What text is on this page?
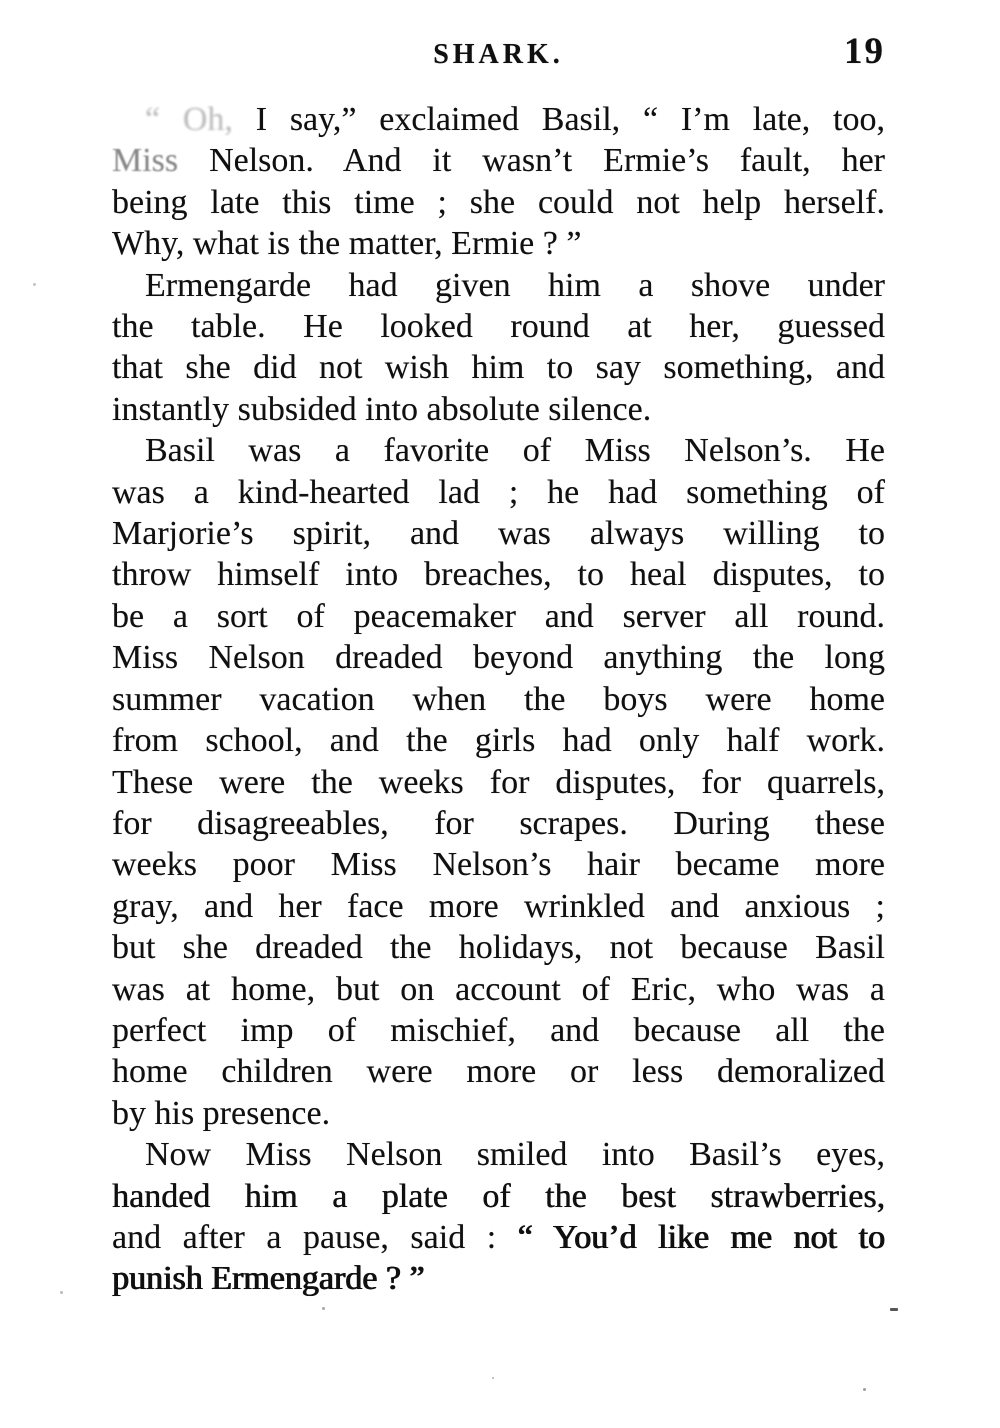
SHARK.	19
“ Oh, I say,” exclaimed Basil, “ I’m late, too,
Miss Nelson. And it wasn’t Ermie’s fault, her
being late this time ; she could not help herself.
Why, what is the matter, Ermie ? ”
Ermengarde had given him a shove under
the table. He looked round at her, guessed
that she did not wish him to say something, and
instantly subsided into absolute silence.
Basil was a favorite of Miss Nelson’s. He
was a kind-hearted lad ; he had something of
Marjorie’s spirit, and was always willing to
throw himself into breaches, to heal disputes, to
be a sort of peacemaker and server all round.
Miss Nelson dreaded beyond anything the long
summer vacation when the boys were home
from school, and the girls had only half work.
These were the weeks for disputes, for quarrels,
for disagreeables, for scrapes. During these
weeks poor Miss Nelson’s hair became more
gray, and her face more wrinkled and anxious ;
but she dreaded the holidays, not because Basil
was at home, but on account of Eric, who was a
perfect imp of mischief, and because all the
home children were more or less demoralized
by his presence.
Now Miss Nelson smiled into Basil’s eyes,
handed him a plate of the best strawberries,
and after a pause, said : “ You’d like me not to
punish Ermengarde ? ”
